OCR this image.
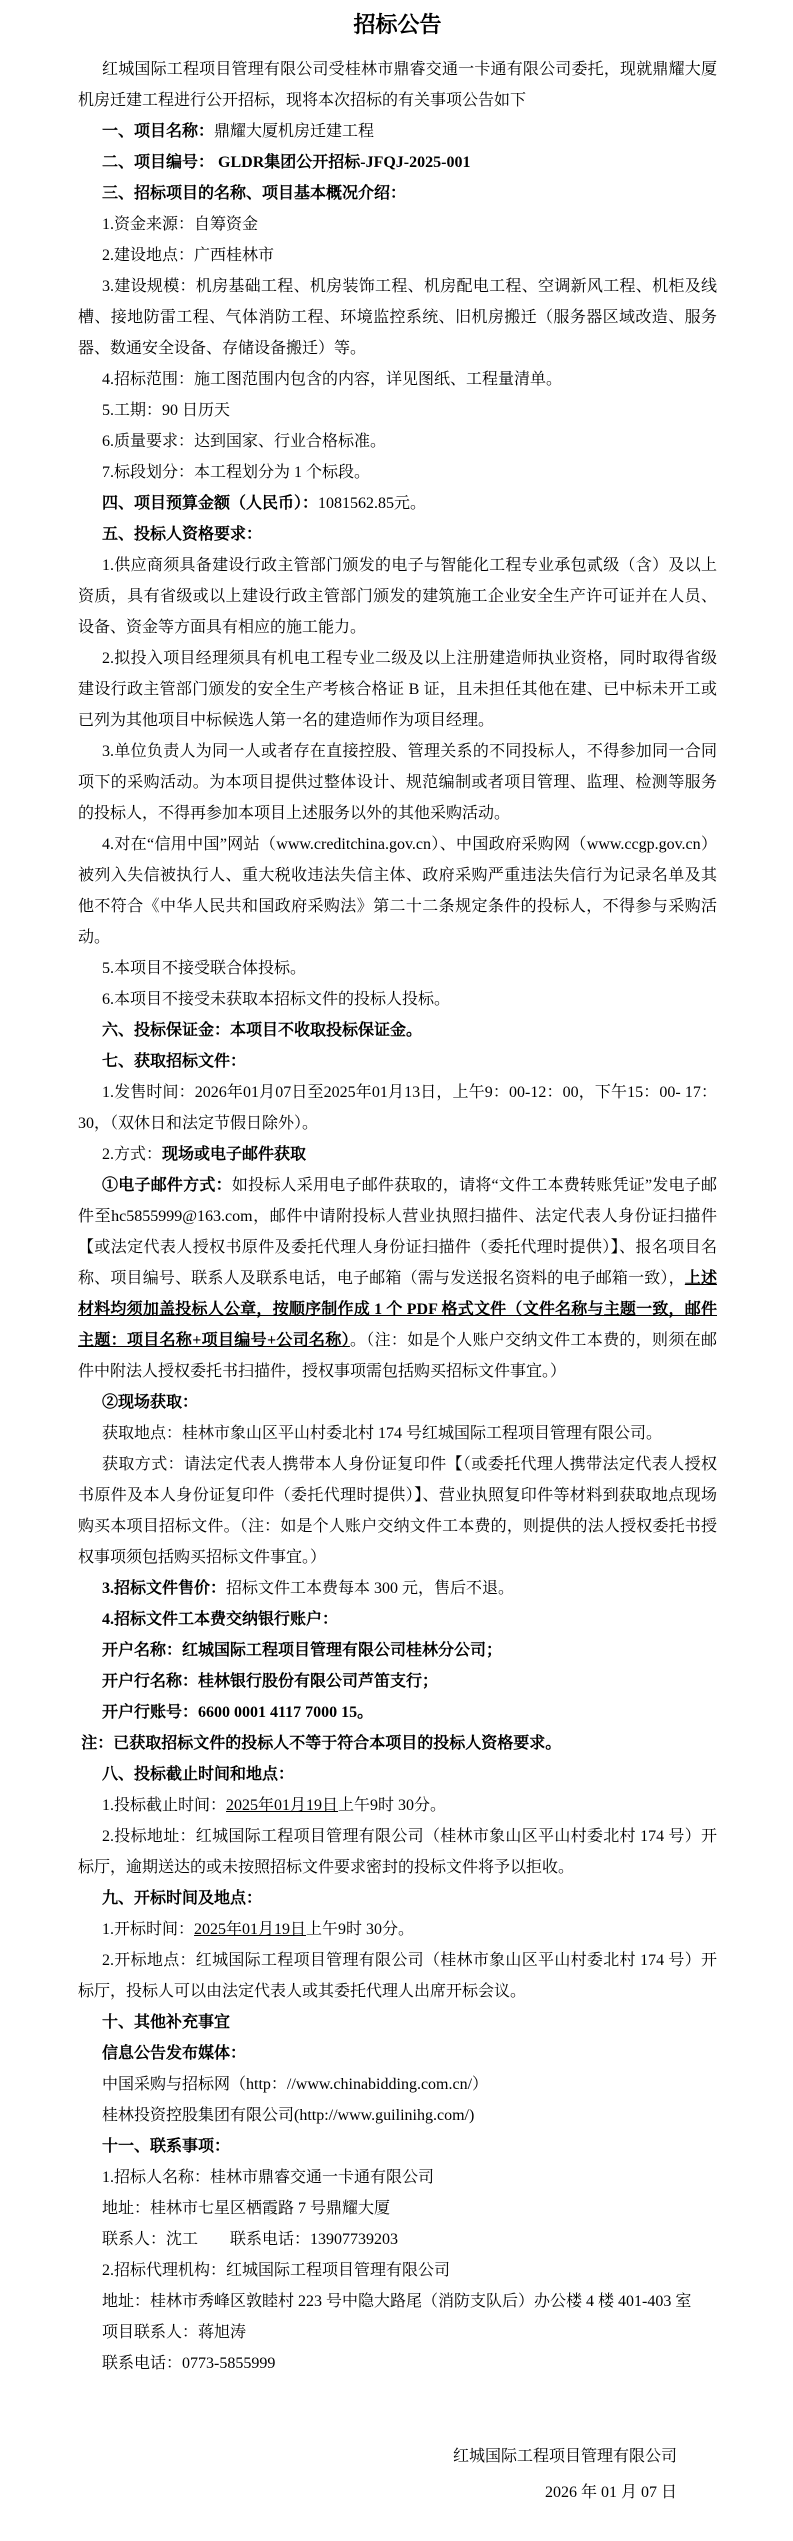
招标公告

红城国际工程项目管理有限公司受桂林市鼎睿交通一卡通有限公司委托，现就鼎耀大厦机房迁建工程进行公开招标，现将本次招标的有关事项公告如下

一、项目名称：鼎耀大厦机房迁建工程

二、项目编号： GLDR集团公开招标-JFQJ-2025-001

三、招标项目的名称、项目基本概况介绍：

1.资金来源：自筹资金

2.建设地点：广西桂林市

3.建设规模：机房基础工程、机房装饰工程、机房配电工程、空调新风工程、机柜及线槽、接地防雷工程、气体消防工程、环境监控系统、旧机房搬迁（服务器区域改造、服务器、数通安全设备、存储设备搬迁）等。

4.招标范围：施工图范围内包含的内容，详见图纸、工程量清单。

5.工期：90 日历天

6.质量要求：达到国家、行业合格标准。

7.标段划分：本工程划分为 1 个标段。

四、项目预算金额（人民币）：1081562.85元。

五、投标人资格要求：

1.供应商须具备建设行政主管部门颁发的电子与智能化工程专业承包贰级（含）及以上资质，具有省级或以上建设行政主管部门颁发的建筑施工企业安全生产许可证并在人员、设备、资金等方面具有相应的施工能力。

2.拟投入项目经理须具有机电工程专业二级及以上注册建造师执业资格，同时取得省级建设行政主管部门颁发的安全生产考核合格证 B 证，且未担任其他在建、已中标未开工或已列为其他项目中标候选人第一名的建造师作为项目经理。

3.单位负责人为同一人或者存在直接控股、管理关系的不同投标人，不得参加同一合同项下的采购活动。为本项目提供过整体设计、规范编制或者项目管理、监理、检测等服务的投标人，不得再参加本项目上述服务以外的其他采购活动。

4.对在“信用中国”网站（www.creditchina.gov.cn）、中国政府采购网（www.ccgp.gov.cn）被列入失信被执行人、重大税收违法失信主体、政府采购严重违法失信行为记录名单及其他不符合《中华人民共和国政府采购法》第二十二条规定条件的投标人，不得参与采购活动。

5.本项目不接受联合体投标。

6.本项目不接受未获取本招标文件的投标人投标。

六、投标保证金：本项目不收取投标保证金。

七、获取招标文件：

1.发售时间：2026年01月07日至2025年01月13日，上午9：00-12：00，下午15：00- 17：30，（双休日和法定节假日除外）。

2.方式：现场或电子邮件获取

①电子邮件方式：如投标人采用电子邮件获取的，请将“文件工本费转账凭证”发电子邮件至hc5855999@163.com，邮件中请附投标人营业执照扫描件、法定代表人身份证扫描件【或法定代表人授权书原件及委托代理人身份证扫描件（委托代理时提供）】、报名项目名称、项目编号、联系人及联系电话，电子邮箱（需与发送报名资料的电子邮箱一致），上述材料均须加盖投标人公章，按顺序制作成 1 个 PDF 格式文件（文件名称与主题一致，邮件主题：项目名称+项目编号+公司名称）。（注：如是个人账户交纳文件工本费的，则须在邮件中附法人授权委托书扫描件，授权事项需包括购买招标文件事宜。）

②现场获取：

获取地点：桂林市象山区平山村委北村 174 号红城国际工程项目管理有限公司。

获取方式：请法定代表人携带本人身份证复印件【（或委托代理人携带法定代表人授权书原件及本人身份证复印件（委托代理时提供）】、营业执照复印件等材料到获取地点现场购买本项目招标文件。（注：如是个人账户交纳文件工本费的，则提供的法人授权委托书授权事项须包括购买招标文件事宜。）

3.招标文件售价：招标文件工本费每本 300 元，售后不退。

4.招标文件工本费交纳银行账户：

开户名称：红城国际工程项目管理有限公司桂林分公司；

开户行名称：桂林银行股份有限公司芦笛支行；

开户行账号：6600 0001 4117 7000 15。

注：已获取招标文件的投标人不等于符合本项目的投标人资格要求。

八、投标截止时间和地点：

1.投标截止时间：2025年01月19日上午9时 30分。

2.投标地址：红城国际工程项目管理有限公司（桂林市象山区平山村委北村 174 号）开标厅，逾期送达的或未按照招标文件要求密封的投标文件将予以拒收。

九、开标时间及地点：

1.开标时间：2025年01月19日上午9时 30分。

2.开标地点：红城国际工程项目管理有限公司（桂林市象山区平山村委北村 174 号）开标厅，投标人可以由法定代表人或其委托代理人出席开标会议。

十、其他补充事宜

信息公告发布媒体：

中国采购与招标网（http：//www.chinabidding.com.cn/）

桂林投资控股集团有限公司(http://www.guilinihg.com/)

十一、联系事项：

1.招标人名称：桂林市鼎睿交通一卡通有限公司

地址：桂林市七星区栖霞路 7 号鼎耀大厦

联系人：沈工　　联系电话：13907739203

2.招标代理机构：红城国际工程项目管理有限公司

地址：桂林市秀峰区敦睦村 223 号中隐大路尾（消防支队后）办公楼 4 楼 401-403 室

项目联系人：蒋旭涛

联系电话：0773-5855999

红城国际工程项目管理有限公司

2026 年 01 月 07 日
